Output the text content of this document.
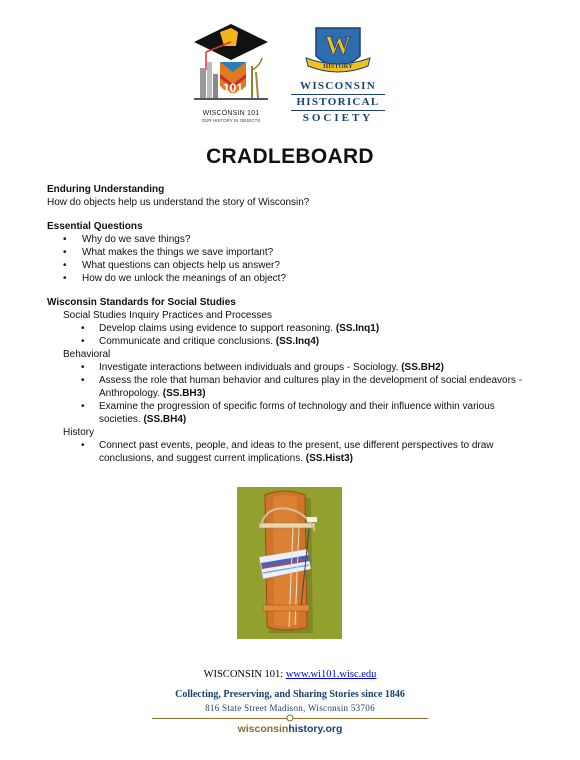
101
WISCONSIN 101
OUR HISTORY IN OBJECTS
W
HISTORY
WISCONSIN
HISTORICAL
SOCIETY
CRADLEBOARD
Enduring Understanding
How do objects help us understand the story of Wisconsin?
Essential Questions
• Why do we save things?
• What makes the things we save important?
• What questions can objects help us answer?
• How do we unlock the meanings of an object?
Wisconsin Standards for Social Studies
Social Studies Inquiry Practices and Processes
• Develop claims using evidence to support reasoning. (SS.Inq1)
• Communicate and critique conclusions. (SS.Inq4)
Behavioral
• Investigate interactions between individuals and groups - Sociology. (SS.BH2)
• Assess the role that human behavior and cultures play in the development of social endeavors - Anthropology. (SS.BH3)
• Examine the progression of specific forms of technology and their influence within various societies. (SS.BH4)
History
• Connect past events, people, and ideas to the present, use different perspectives to draw conclusions, and suggest current implications. (SS.Hist3)
WISCONSIN 101: www.wi101.wisc.edu
Collecting, Preserving, and Sharing Stories since 1846
816 State Street Madison, Wisconsin 53706
wisconsinhistory.org
